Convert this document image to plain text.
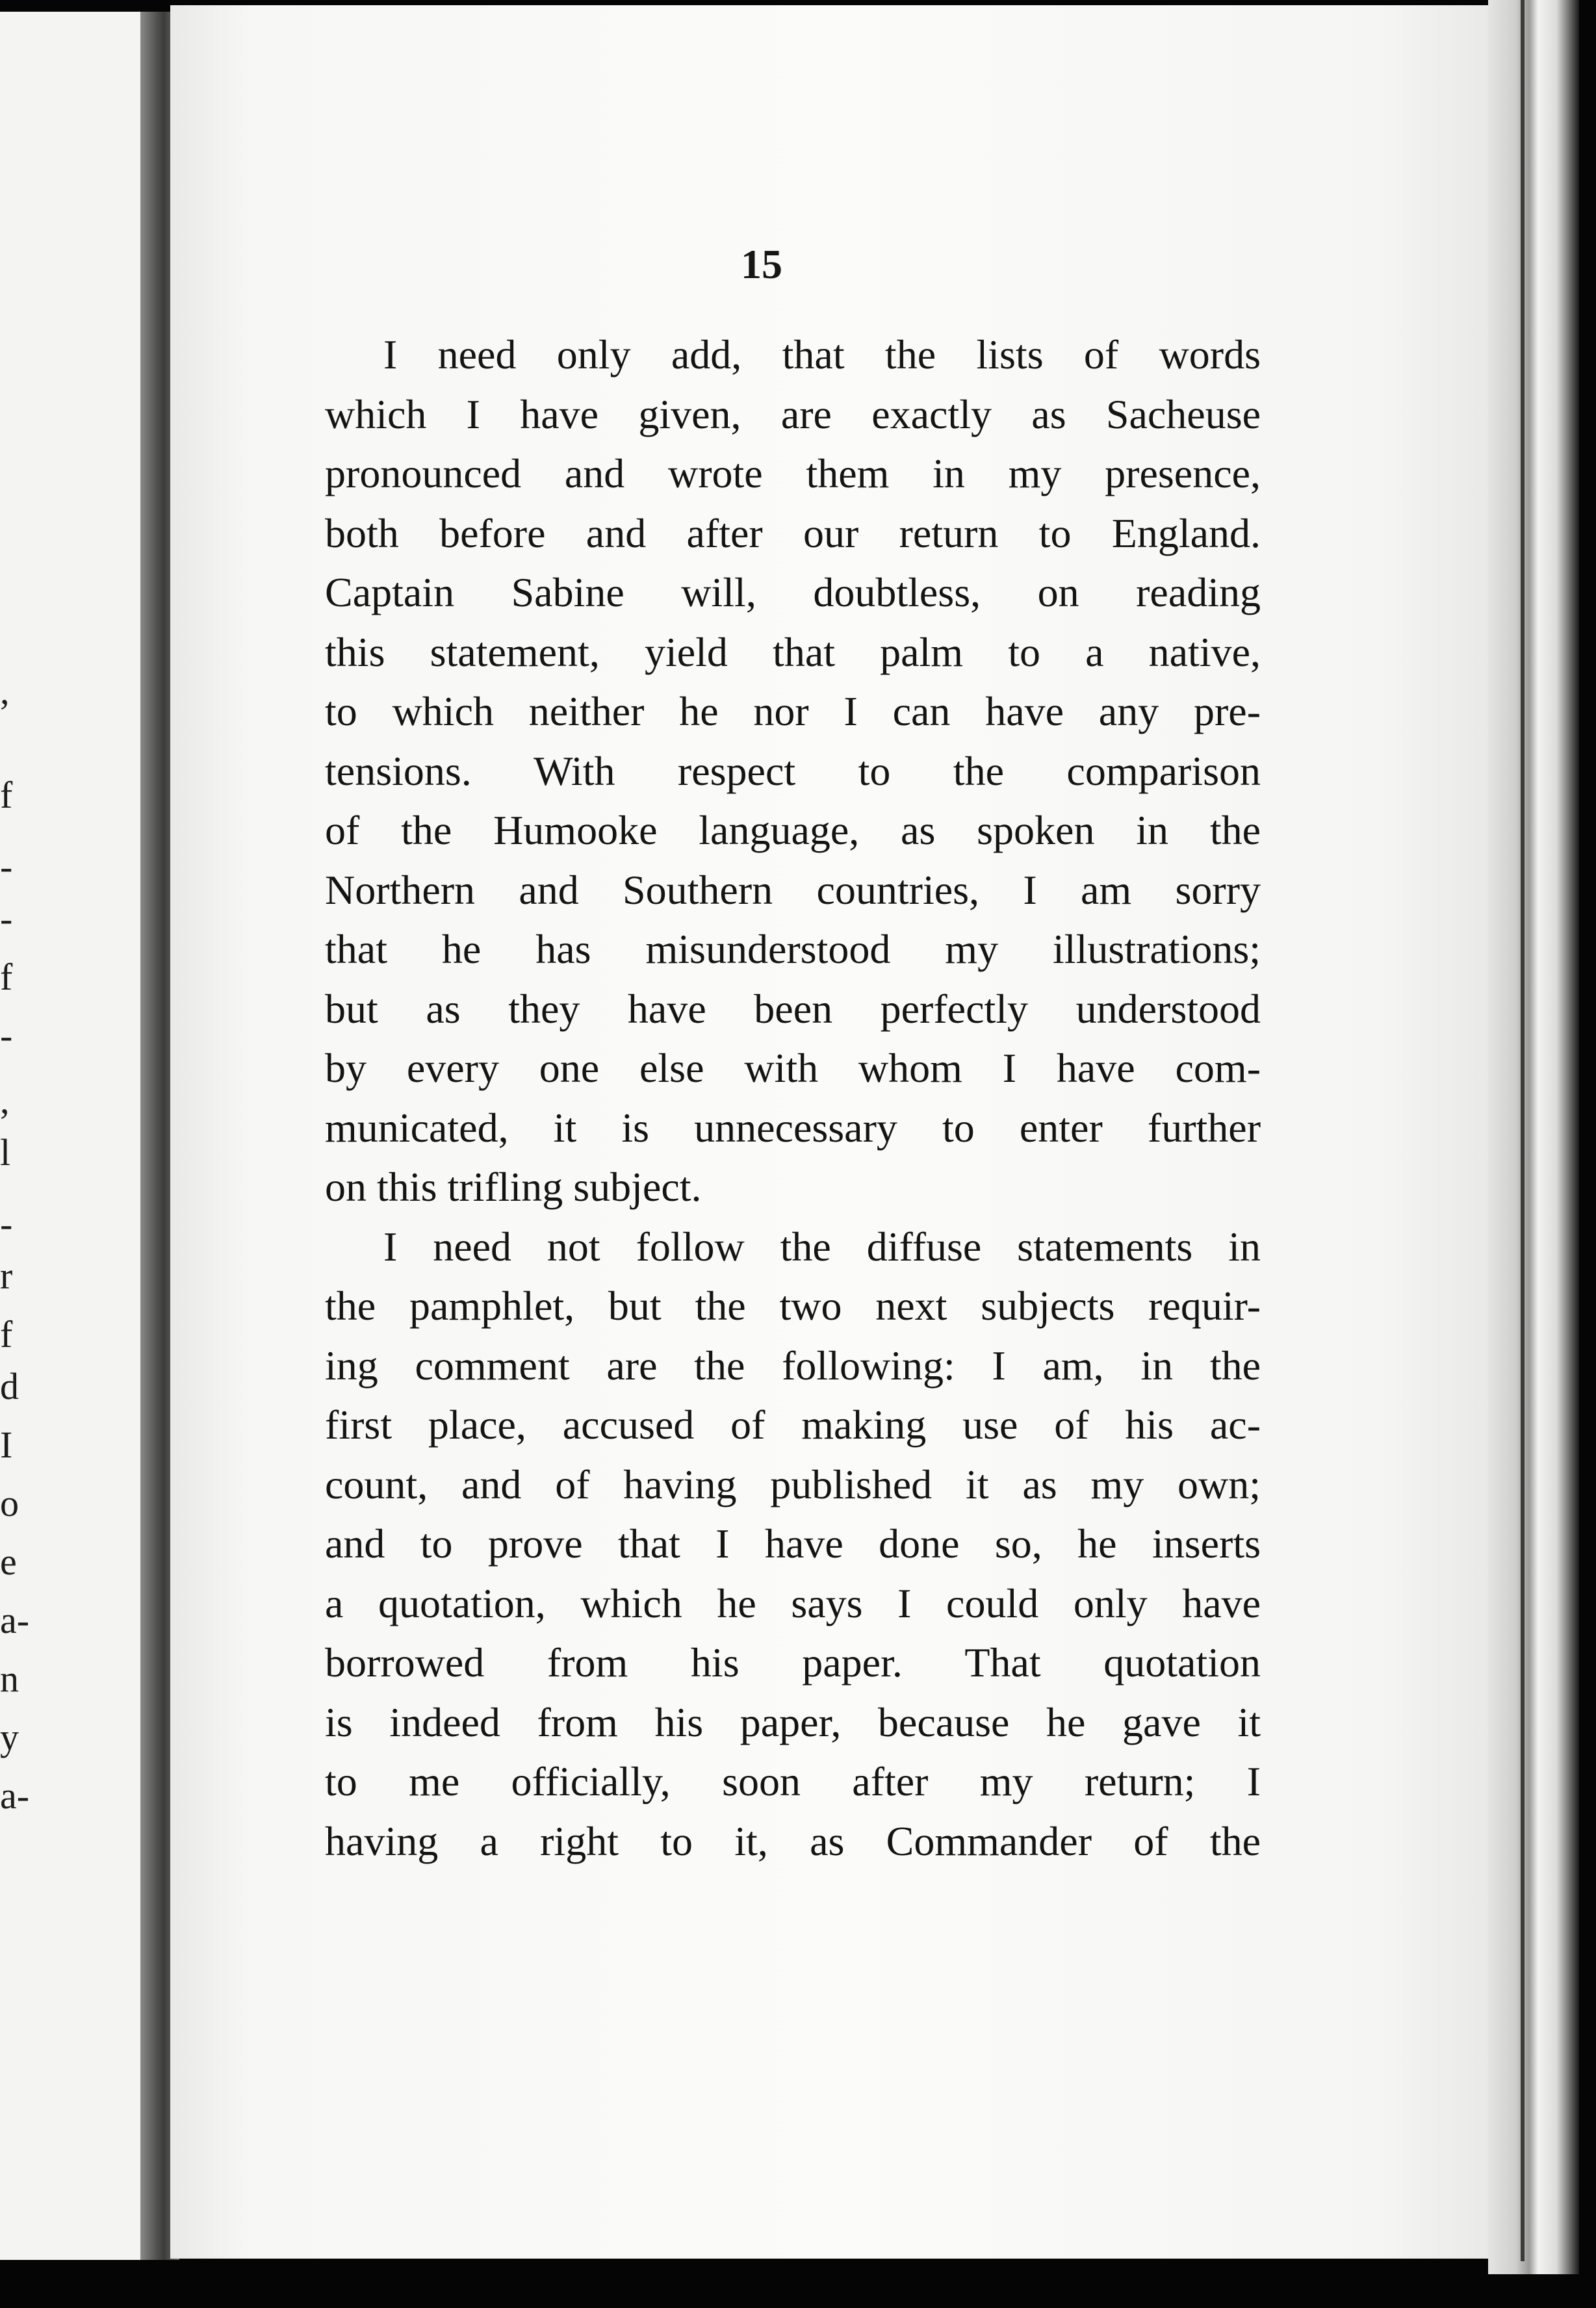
,
f
-
-
f
-
,
l
-
r
f
d
I
o
e
a-
n
y
a-
15
I need only add, that the lists of words
which I have given, are exactly as Sacheuse
pronounced and wrote them in my presence,
both before and after our return to England.
Captain Sabine will, doubtless, on reading
this statement, yield that palm to a native,
to which neither he nor I can have any pre-
tensions. With respect to the comparison
of the Humooke language, as spoken in the
Northern and Southern countries, I am sorry
that he has misunderstood my illustrations;
but as they have been perfectly understood
by every one else with whom I have com-
municated, it is unnecessary to enter further
on this trifling subject.
I need not follow the diffuse statements in
the pamphlet, but the two next subjects requir-
ing comment are the following: I am, in the
first place, accused of making use of his ac-
count, and of having published it as my own;
and to prove that I have done so, he inserts
a quotation, which he says I could only have
borrowed from his paper. That quotation
is indeed from his paper, because he gave it
to me officially, soon after my return; I
having a right to it, as Commander of the
